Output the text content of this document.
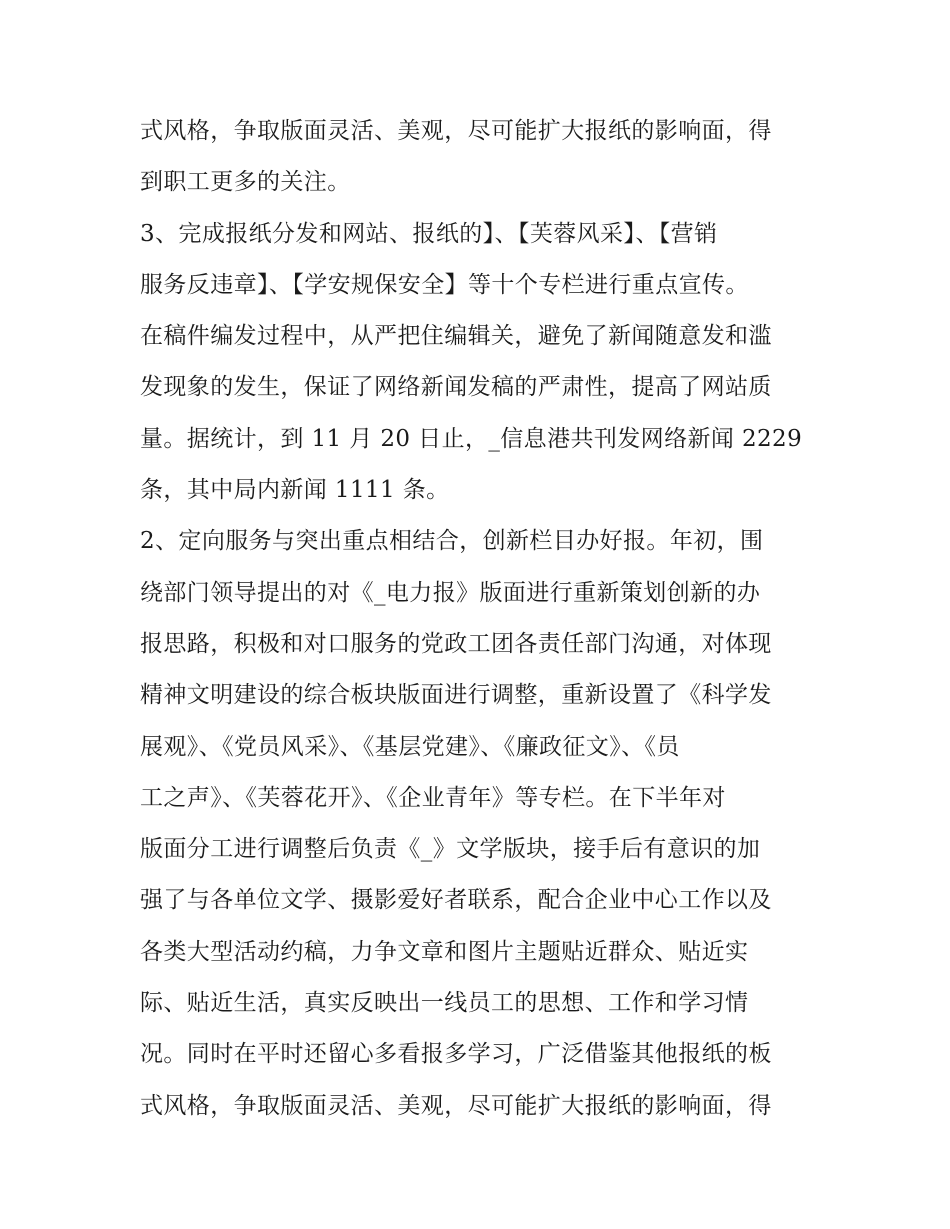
式风格，争取版面灵活、美观，尽可能扩大报纸的影响面，得
到职工更多的关注。
3、完成报纸分发和网站、报纸的】、【芙蓉风采】、【营销
服务反违章】、【学安规保安全】等十个专栏进行重点宣传。
在稿件编发过程中，从严把住编辑关，避免了新闻随意发和滥
发现象的发生，保证了网络新闻发稿的严肃性，提高了网站质
量。据统计，到 11 月 20 日止，_信息港共刊发网络新闻 2229
条，其中局内新闻 1111 条。
2、定向服务与突出重点相结合，创新栏目办好报。年初，围
绕部门领导提出的对《_电力报》版面进行重新策划创新的办
报思路，积极和对口服务的党政工团各责任部门沟通，对体现
精神文明建设的综合板块版面进行调整，重新设置了《科学发
展观》、《党员风采》、《基层党建》、《廉政征文》、《员
工之声》、《芙蓉花开》、《企业青年》等专栏。在下半年对
版面分工进行调整后负责《_》文学版块，接手后有意识的加
强了与各单位文学、摄影爱好者联系，配合企业中心工作以及
各类大型活动约稿，力争文章和图片主题贴近群众、贴近实
际、贴近生活，真实反映出一线员工的思想、工作和学习情
况。同时在平时还留心多看报多学习，广泛借鉴其他报纸的板
式风格，争取版面灵活、美观，尽可能扩大报纸的影响面，得
